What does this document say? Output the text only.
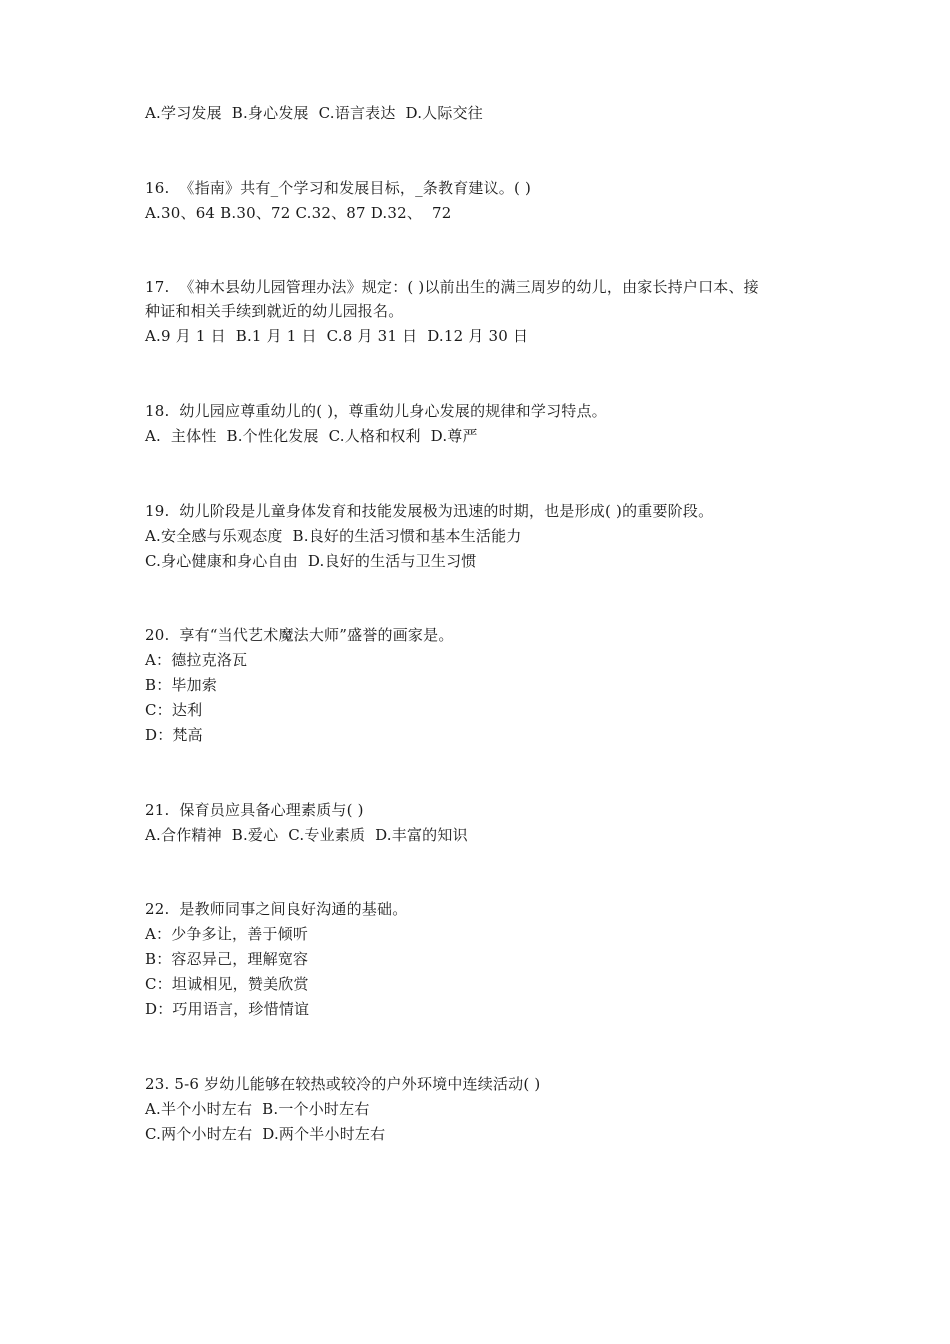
A.学习发展  B.身心发展  C.语言表达  D.人际交往
16.  《指南》共有_个学习和发展目标，_条教育建议。( )
A.30、64 B.30、72 C.32、87 D.32、  72
17.  《神木县幼儿园管理办法》规定：( )以前出生的满三周岁的幼儿，由家长持户口本、接
种证和相关手续到就近的幼儿园报名。
A.9 月 1 日  B.1 月 1 日  C.8 月 31 日  D.12 月 30 日
18.  幼儿园应尊重幼儿的( )，尊重幼儿身心发展的规律和学习特点。
A.  主体性  B.个性化发展  C.人格和权利  D.尊严
19.  幼儿阶段是儿童身体发育和技能发展极为迅速的时期，也是形成( )的重要阶段。
A.安全感与乐观态度  B.良好的生活习惯和基本生活能力
C.身心健康和身心自由  D.良好的生活与卫生习惯
20.  享有“当代艺术魔法大师”盛誉的画家是。
A：德拉克洛瓦
B：毕加索
C：达利
D：梵高
21.  保育员应具备心理素质与( )
A.合作精神  B.爱心  C.专业素质  D.丰富的知识
22.  是教师同事之间良好沟通的基础。
A：少争多让，善于倾听
B：容忍异己，理解宽容
C：坦诚相见，赞美欣赏
D：巧用语言，珍惜情谊
23. 5-6 岁幼儿能够在较热或较冷的户外环境中连续活动( )
A.半个小时左右  B.一个小时左右
C.两个小时左右  D.两个半小时左右
